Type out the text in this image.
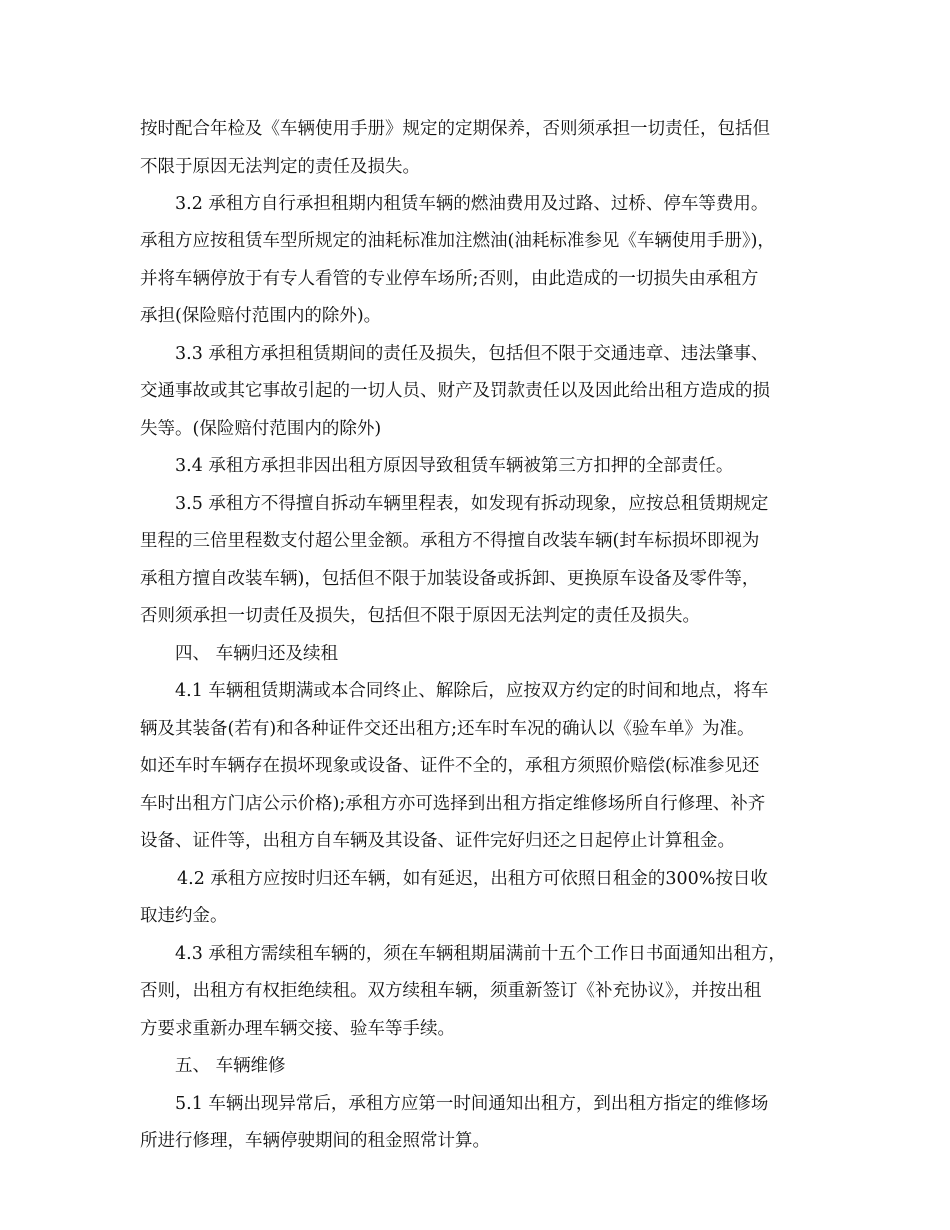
按时配合年检及《车辆使用手册》规定的定期保养，否则须承担一切责任，包括但
不限于原因无法判定的责任及损失。
3.2 承租方自行承担租期内租赁车辆的燃油费用及过路、过桥、停车等费用。
承租方应按租赁车型所规定的油耗标准加注燃油(油耗标准参见《车辆使用手册》)，
并将车辆停放于有专人看管的专业停车场所;否则，由此造成的一切损失由承租方
承担(保险赔付范围内的除外)。
3.3 承租方承担租赁期间的责任及损失，包括但不限于交通违章、违法肇事、
交通事故或其它事故引起的一切人员、财产及罚款责任以及因此给出租方造成的损
失等。(保险赔付范围内的除外)
3.4 承租方承担非因出租方原因导致租赁车辆被第三方扣押的全部责任。
3.5 承租方不得擅自拆动车辆里程表，如发现有拆动现象，应按总租赁期规定
里程的三倍里程数支付超公里金额。承租方不得擅自改装车辆(封车标损坏即视为
承租方擅自改装车辆)，包括但不限于加装设备或拆卸、更换原车设备及零件等，
否则须承担一切责任及损失，包括但不限于原因无法判定的责任及损失。
四、 车辆归还及续租
4.1 车辆租赁期满或本合同终止、解除后，应按双方约定的时间和地点，将车
辆及其装备(若有)和各种证件交还出租方;还车时车况的确认以《验车单》为准。
如还车时车辆存在损坏现象或设备、证件不全的，承租方须照价赔偿(标准参见还
车时出租方门店公示价格);承租方亦可选择到出租方指定维修场所自行修理、补齐
设备、证件等，出租方自车辆及其设备、证件完好归还之日起停止计算租金。
4.2 承租方应按时归还车辆，如有延迟，出租方可依照日租金的300%按日收
取违约金。
4.3 承租方需续租车辆的，须在车辆租期届满前十五个工作日书面通知出租方，
否则，出租方有权拒绝续租。双方续租车辆，须重新签订《补充协议》，并按出租
方要求重新办理车辆交接、验车等手续。
五、 车辆维修
5.1 车辆出现异常后，承租方应第一时间通知出租方，到出租方指定的维修场
所进行修理，车辆停驶期间的租金照常计算。
